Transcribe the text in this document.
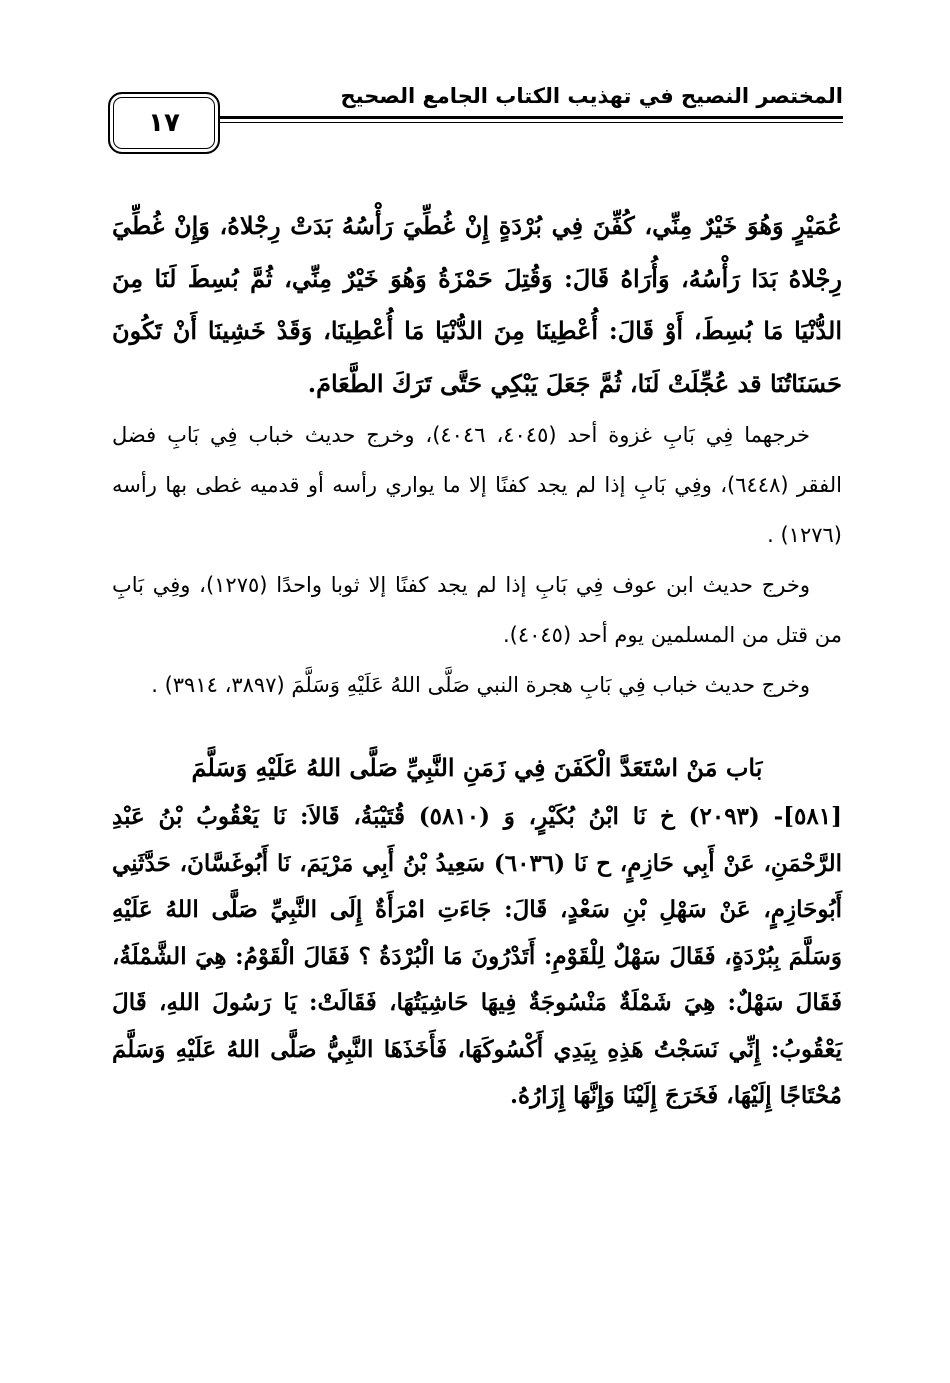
المختصر النصيح في تهذيب الكتاب الجامع الصحيح
١٧

عُمَيْرٍ وَهُوَ خَيْرٌ مِنِّي، كُفِّنَ فِي بُرْدَةٍ إِنْ غُطِّيَ رَأْسُهُ بَدَتْ رِجْلاهُ، وَإِنْ غُطِّيَ رِجْلاهُ بَدَا رَأْسُهُ، وَأُرَاهُ قَالَ: وَقُتِلَ حَمْزَةُ وَهُوَ خَيْرٌ مِنِّي، ثُمَّ بُسِطَ لَنَا مِنَ الدُّنْيَا مَا بُسِطَ، أَوْ قَالَ: أُعْطِينَا مِنَ الدُّنْيَا مَا أُعْطِينَا، وَقَدْ خَشِينَا أَنْ تَكُونَ حَسَنَاتُنَا قد عُجِّلَتْ لَنَا، ثُمَّ جَعَلَ يَبْكِي حَتَّى تَرَكَ الطَّعَامَ.

خرجهما فِي بَابِ غزوة أحد (٤٠٤٥، ٤٠٤٦)، وخرج حديث خباب فِي بَابِ فضل الفقر (٦٤٤٨)، وفِي بَابِ إذا لم يجد كفنًا إلا ما يواري رأسه أو قدميه غطى بها رأسه (١٢٧٦) .

وخرج حديث ابن عوف فِي بَابِ إذا لم يجد كفنًا إلا ثوبا واحدًا (١٢٧٥)، وفِي بَابِ من قتل من المسلمين يوم أحد (٤٠٤٥).

وخرج حديث خباب فِي بَابِ هجرة النبي صَلَّى اللهُ عَلَيْهِ وَسَلَّمَ (٣٨٩٧، ٣٩١٤) .

بَاب مَنْ اسْتَعَدَّ الْكَفَنَ فِي زَمَنِ النَّبِيِّ صَلَّى اللهُ عَلَيْهِ وَسَلَّمَ

[٥٨١]- (٢٠٩٣) خ نَا ابْنُ بُكَيْرٍ، وَ (٥٨١٠) قُتَيْبَةُ، قَالاَ: نَا يَعْقُوبُ بْنُ عَبْدِ الرَّحْمَنِ، عَنْ أَبِي حَازِمٍ، ح نَا (٦٠٣٦) سَعِيدُ بْنُ أَبِي مَرْيَمَ، نَا أَبُوغَسَّانَ، حَدَّثَنِي أَبُوحَازِمٍ، عَنْ سَهْلِ بْنِ سَعْدٍ، قَالَ: جَاءَتِ امْرَأَةٌ إِلَى النَّبِيِّ صَلَّى اللهُ عَلَيْهِ وَسَلَّمَ بِبُرْدَةٍ، فَقَالَ سَهْلٌ لِلْقَوْمِ: أَتَدْرُونَ مَا الْبُرْدَةُ ؟ فَقَالَ الْقَوْمُ: هِيَ الشَّمْلَةُ، فَقَالَ سَهْلٌ: هِيَ شَمْلَةٌ مَنْسُوجَةٌ فِيهَا حَاشِيَتُهَا، فَقَالَتْ: يَا رَسُولَ اللهِ، قَالَ يَعْقُوبُ: إِنِّي نَسَجْتُ هَذِهِ بِيَدِي أَكْسُوكَهَا، فَأَخَذَهَا النَّبِيُّ صَلَّى اللهُ عَلَيْهِ وَسَلَّمَ مُحْتَاجًا إِلَيْهَا، فَخَرَجَ إِلَيْنَا وَإِنَّهَا إِزَارُهُ.
